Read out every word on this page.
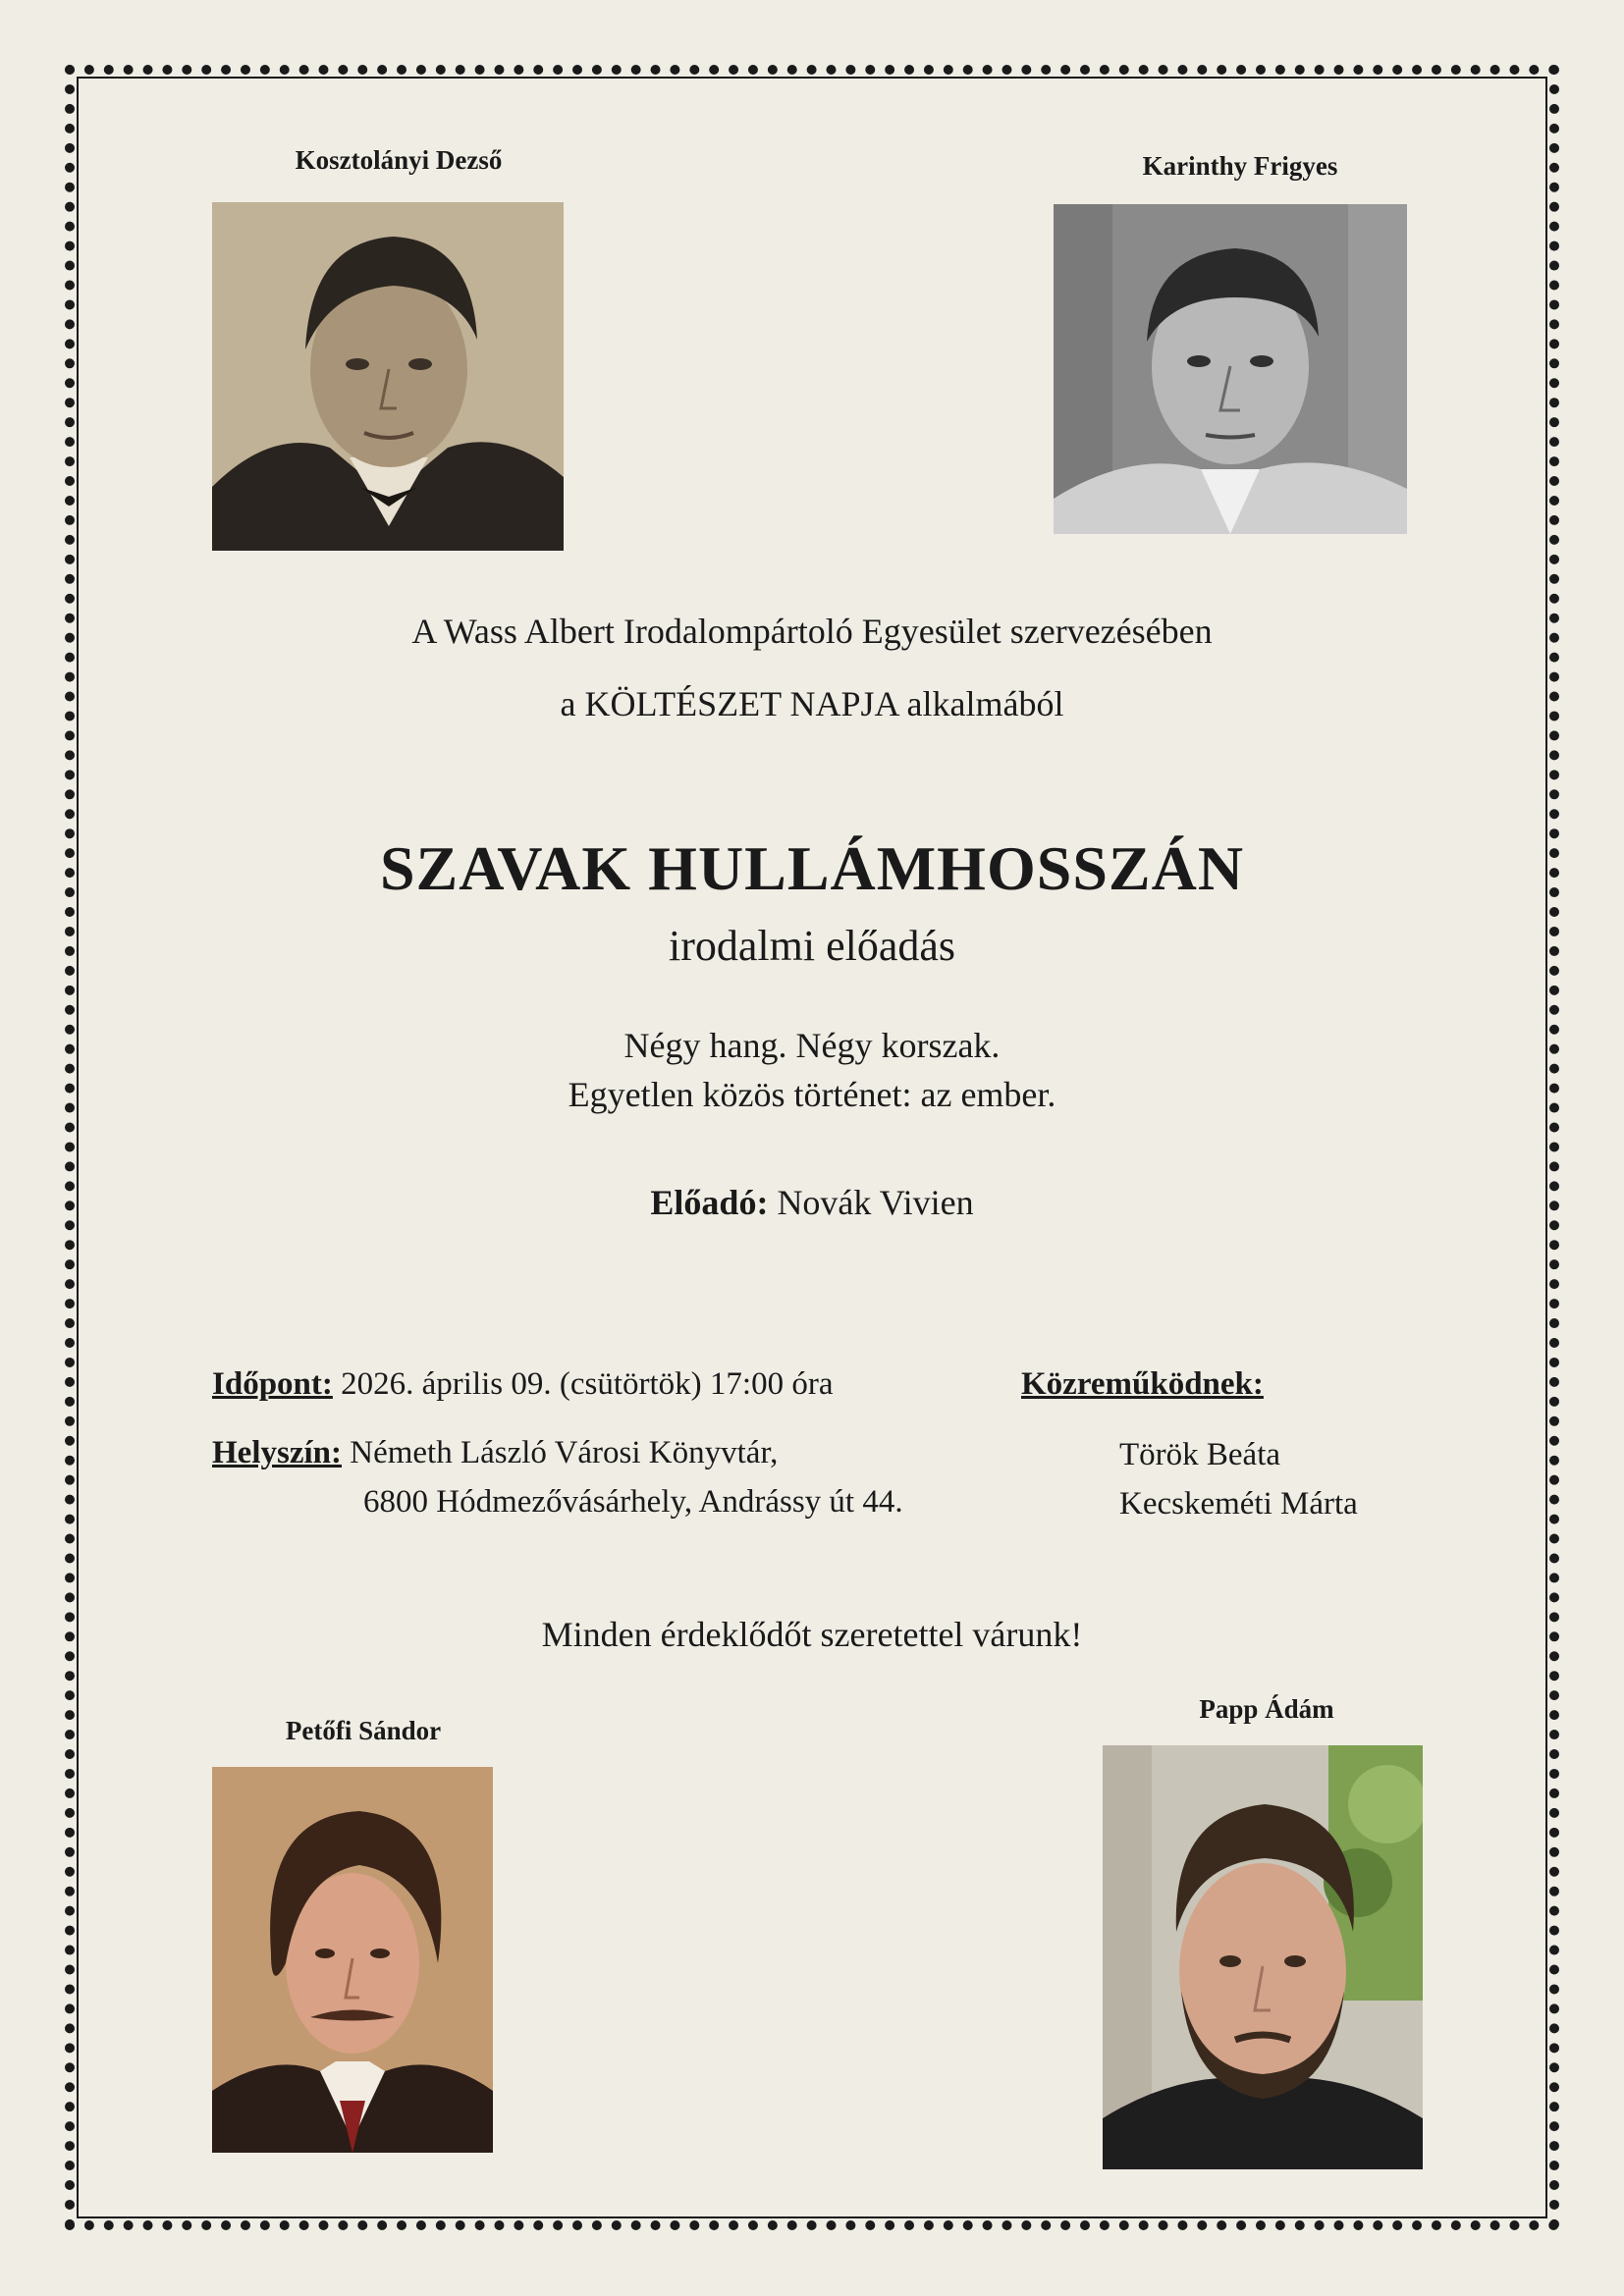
Kosztolányi Dezső	Karinthy Frigyes
A Wass Albert Irodalompártoló Egyesület szervezésében
a KÖLTÉSZET NAPJA alkalmából
SZAVAK HULLÁMHOSSZÁN
irodalmi előadás
Négy hang. Négy korszak.
Egyetlen közös történet: az ember.
Előadó: Novák Vivien
Időpont: 2026. április 09. (csütörtök) 17:00 óra
Helyszín: Németh László Városi Könyvtár,
6800 Hódmezővásárhely, Andrássy út 44.
Közreműködnek:
Török Beáta
Kecskeméti Márta
Minden érdeklődőt szeretettel várunk!
Petőfi Sándor
Papp Ádám
